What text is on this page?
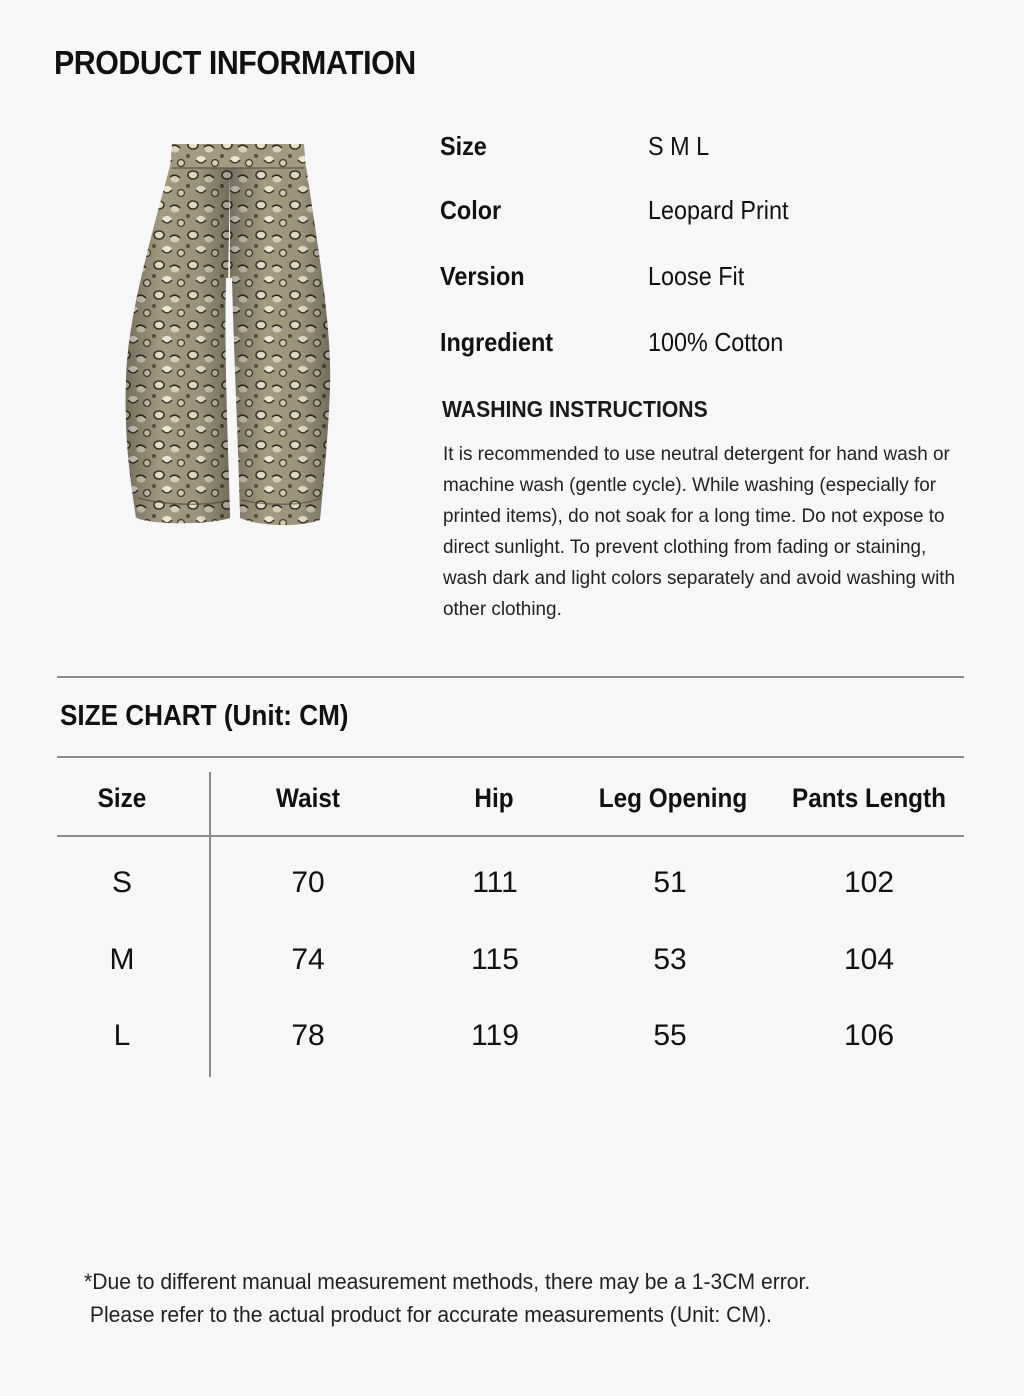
PRODUCT INFORMATION
Size	S M L
Color	Leopard Print
Version	Loose Fit
Ingredient	100% Cotton
WASHING INSTRUCTIONS
It is recommended to use neutral detergent for hand wash or machine wash (gentle cycle). While washing (especially for printed items), do not soak for a long time. Do not expose to direct sunlight. To prevent clothing from fading or staining, wash dark and light colors separately and avoid washing with other clothing.
SIZE CHART (Unit: CM)
Size	Waist	Hip	Leg Opening	Pants Length
S	70	111	51	102
M	74	115	53	104
L	78	119	55	106
*Due to different manual measurement methods, there may be a 1-3CM error.
Please refer to the actual product for accurate measurements (Unit: CM).
